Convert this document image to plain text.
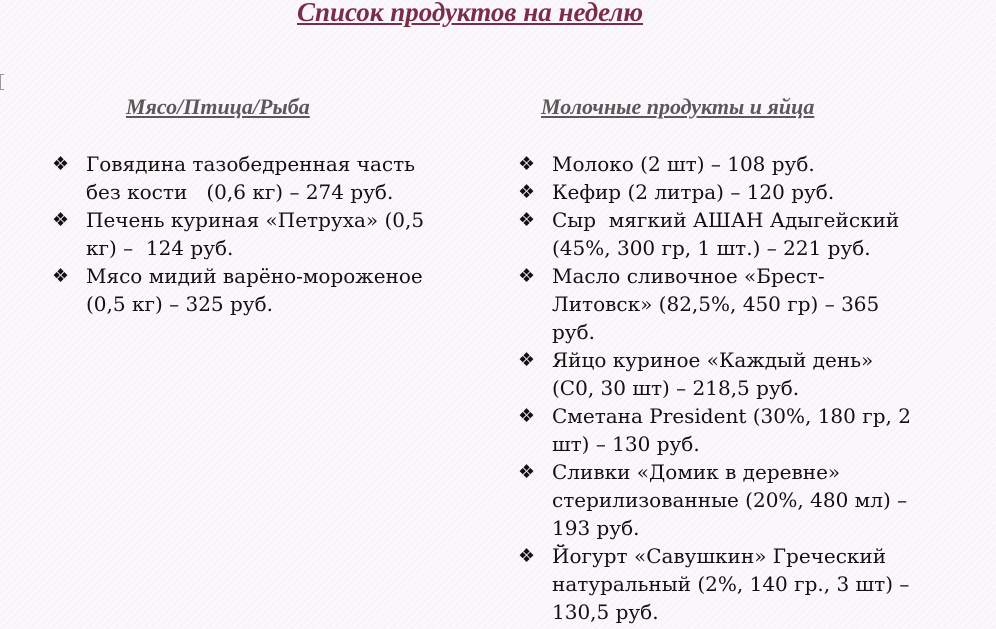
Список продуктов на неделю
Мясо/Птица/Рыба	Молочные продукты и яйца
❖ Говядина тазобедренная часть
без кости   (0,6 кг) – 274 руб.
❖ Печень куриная «Петруха» (0,5
кг) –  124 руб.
❖ Мясо мидий варёно-мороженое
(0,5 кг) – 325 руб.
❖ Молоко (2 шт) – 108 руб.
❖ Кефир (2 литра) – 120 руб.
❖ Сыр  мягкий АШАН Адыгейский
(45%, 300 гр, 1 шт.) – 221 руб.
❖ Масло сливочное «Брест-
Литовск» (82,5%, 450 гр) – 365
руб.
❖ Яйцо куриное «Каждый день»
(С0, 30 шт) – 218,5 руб.
❖ Сметана President (30%, 180 гр, 2
шт) – 130 руб.
❖ Сливки «Домик в деревне»
стерилизованные (20%, 480 мл) –
193 руб.
❖ Йогурт «Савушкин» Греческий
натуральный (2%, 140 гр., 3 шт) –
130,5 руб.
